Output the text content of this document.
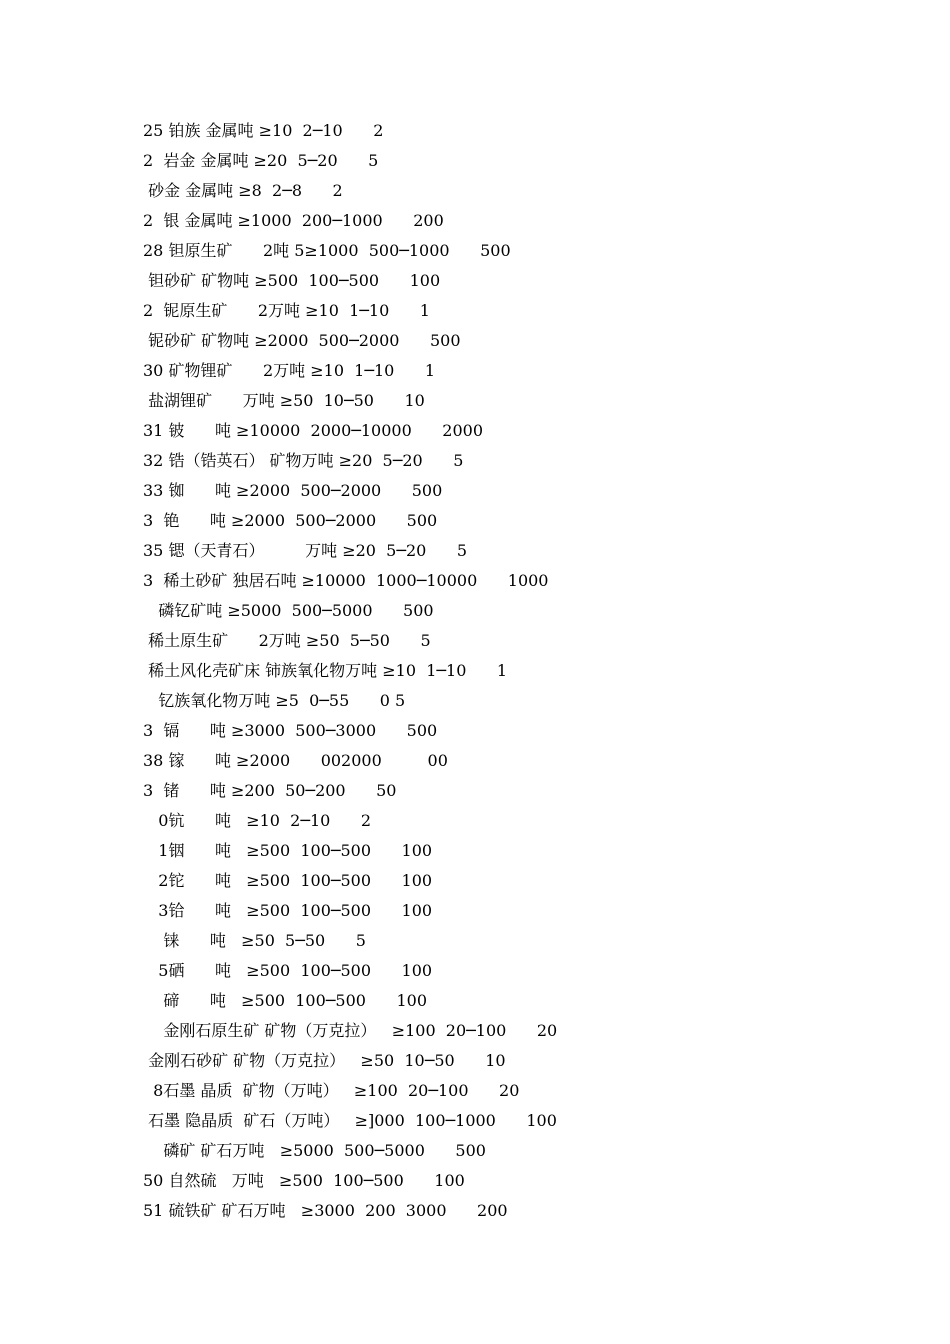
25 铂族 金属吨 ≥10  2─10      2
2  岩金 金属吨 ≥20  5─20      5
砂金 金属吨 ≥8  2─8      2
2  银 金属吨 ≥1000  200─1000      200
28 钽原生矿      2吨 5≥1000  500─1000      500
钽砂矿 矿物吨 ≥500  100─500      100
2  铌原生矿      2万吨 ≥10  1─10      1
铌砂矿 矿物吨 ≥2000  500─2000      500
30 矿物锂矿      2万吨 ≥10  1─10      1
盐湖锂矿      万吨 ≥50  10─50      10
31 铍      吨 ≥10000  2000─10000      2000
32 锆（锆英石） 矿物万吨 ≥20  5─20      5
33 铷      吨 ≥2000  500─2000      500
3  铯      吨 ≥2000  500─2000      500
35 锶（天青石）        万吨 ≥20  5─20      5
3  稀土砂矿 独居石吨 ≥10000  1000─10000      1000
磷钇矿吨 ≥5000  500─5000      500
稀土原生矿      2万吨 ≥50  5─50      5
稀土风化壳矿床 铈族氧化物万吨 ≥10  1─10      1
钇族氧化物万吨 ≥5  0─55      0 5
3  镉      吨 ≥3000  500─3000      500
38 镓      吨 ≥2000      002000         00
3  锗      吨 ≥200  50─200      50
0钪      吨   ≥10  2─10      2
1铟      吨   ≥500  100─500      100
2铊      吨   ≥500  100─500      100
3铪      吨   ≥500  100─500      100
铼      吨   ≥50  5─50      5
5硒      吨   ≥500  100─500      100
碲      吨   ≥500  100─500      100
金刚石原生矿 矿物（万克拉）   ≥100  20─100      20
金刚石砂矿 矿物（万克拉）   ≥50  10─50      10
8石墨 晶质  矿物（万吨）   ≥100  20─100      20
石墨 隐晶质  矿石（万吨）   ≥]000  100─1000      100
磷矿 矿石万吨   ≥5000  500─5000      500
50 自然硫   万吨   ≥500  100─500      100
51 硫铁矿 矿石万吨   ≥3000  200  3000      200
